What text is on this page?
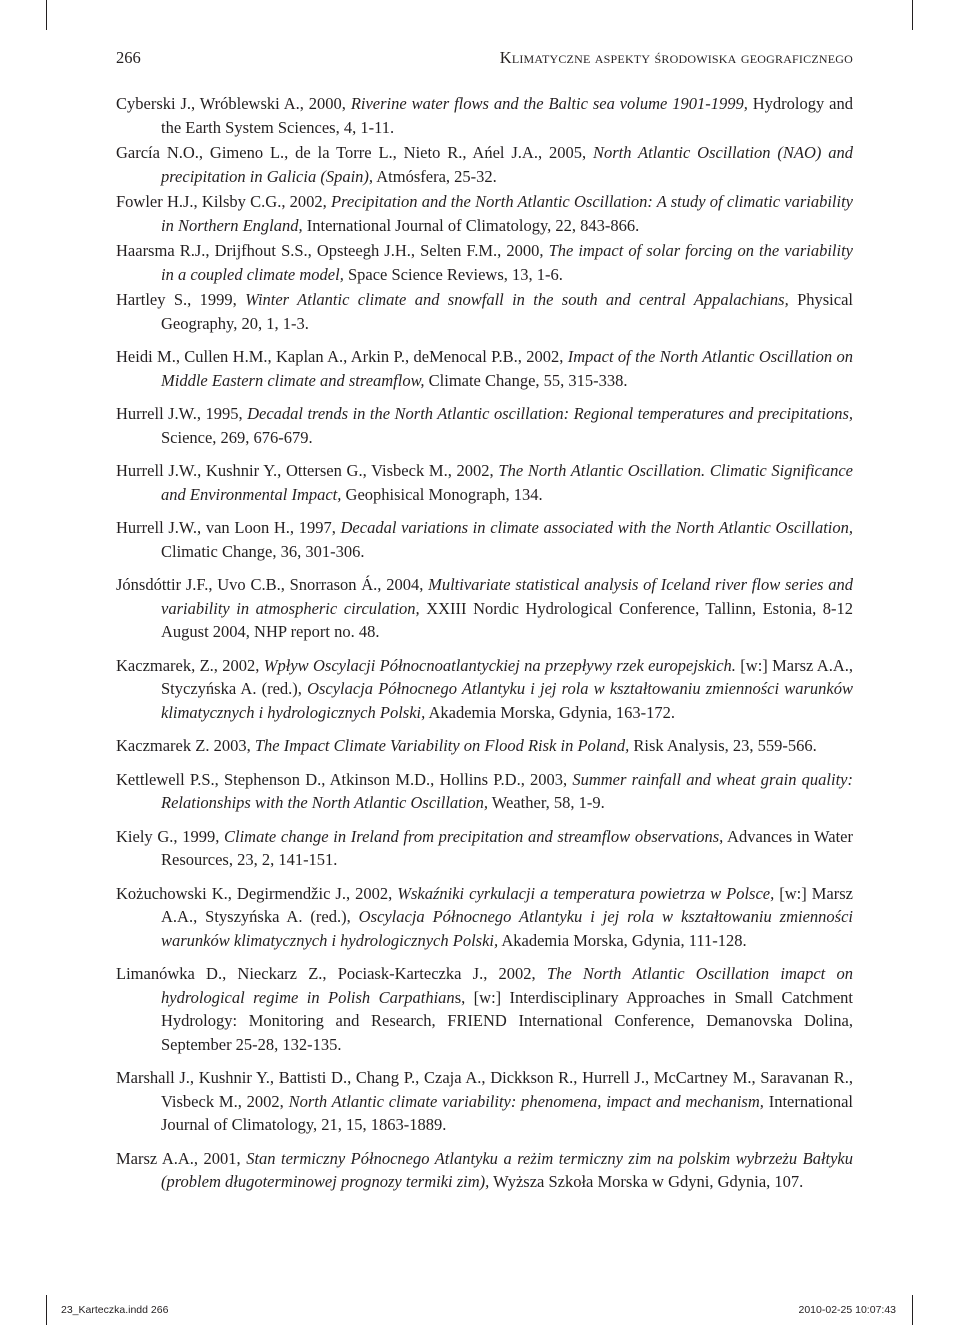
266	Klimatyczne aspekty środowiska geograficznego

Cyberski J., Wróblewski A., 2000, Riverine water flows and the Baltic sea volume 1901-1999, Hydrology and the Earth System Sciences, 4, 1-11.

García N.O., Gimeno L., de la Torre L., Nieto R., Ańel J.A., 2005, North Atlantic Oscillation (NAO) and precipitation in Galicia (Spain), Atmósfera, 25-32.

Fowler H.J., Kilsby C.G., 2002, Precipitation and the North Atlantic Oscillation: A study of climatic variability in Northern England, International Journal of Climatology, 22, 843-866.

Haarsma R.J., Drijfhout S.S., Opsteegh J.H., Selten F.M., 2000, The impact of solar forcing on the variability in a coupled climate model, Space Science Reviews, 13, 1-6.

Hartley S., 1999, Winter Atlantic climate and snowfall in the south and central Appalachians, Physical Geography, 20, 1, 1-3.

Heidi M., Cullen H.M., Kaplan A., Arkin P., deMenocal P.B., 2002, Impact of the North Atlantic Oscillation on Middle Eastern climate and streamflow, Climate Change, 55, 315-338.

Hurrell J.W., 1995, Decadal trends in the North Atlantic oscillation: Regional temperatures and precipitations, Science, 269, 676-679.

Hurrell J.W., Kushnir Y., Ottersen G., Visbeck M., 2002, The North Atlantic Oscillation. Climatic Significance and Environmental Impact, Geophisical Monograph, 134.

Hurrell J.W., van Loon H., 1997, Decadal variations in climate associated with the North Atlantic Oscillation, Climatic Change, 36, 301-306.

Jónsdóttir J.F., Uvo C.B., Snorrason Á., 2004, Multivariate statistical analysis of Iceland river flow series and variability in atmospheric circulation, XXIII Nordic Hydrological Conference, Tallinn, Estonia, 8-12 August 2004, NHP report no. 48.

Kaczmarek, Z., 2002, Wpływ Oscylacji Północnoatlantyckiej na przepływy rzek europejskich. [w:] Marsz A.A., Styczyńska A. (red.), Oscylacja Północnego Atlantyku i jej rola w kształtowaniu zmienności warunków klimatycznych i hydrologicznych Polski, Akademia Morska, Gdynia, 163-172.

Kaczmarek Z. 2003, The Impact Climate Variability on Flood Risk in Poland, Risk Analysis, 23, 559-566.

Kettlewell P.S., Stephenson D., Atkinson M.D., Hollins P.D., 2003, Summer rainfall and wheat grain quality: Relationships with the North Atlantic Oscillation, Weather, 58, 1-9.

Kiely G., 1999, Climate change in Ireland from precipitation and streamflow observations, Advances in Water Resources, 23, 2, 141-151.

Kożuchowski K., Degirmendžic J., 2002, Wskaźniki cyrkulacji a temperatura powietrza w Polsce, [w:] Marsz A.A., Styszyńska A. (red.), Oscylacja Północnego Atlantyku i jej rola w kształtowaniu zmienności warunków klimatycznych i hydrologicznych Polski, Akademia Morska, Gdynia, 111-128.

Limanówka D., Nieckarz Z., Pociask-Karteczka J., 2002, The North Atlantic Oscillation imapct on hydrological regime in Polish Carpathians, [w:] Interdisciplinary Approaches in Small Catchment Hydrology: Monitoring and Research, FRIEND International Conference, Demanovska Dolina, September 25-28, 132-135.

Marshall J., Kushnir Y., Battisti D., Chang P., Czaja A., Dickkson R., Hurrell J., McCartney M., Saravanan R., Visbeck M., 2002, North Atlantic climate variability: phenomena, impact and mechanism, International Journal of Climatology, 21, 15, 1863-1889.

Marsz A.A., 2001, Stan termiczny Północnego Atlantyku a reżim termiczny zim na polskim wybrzeżu Bałtyku (problem długoterminowej prognozy termiki zim), Wyższa Szkoła Morska w Gdyni, Gdynia, 107.

23_Karteczka.indd 266	2010-02-25 10:07:43
